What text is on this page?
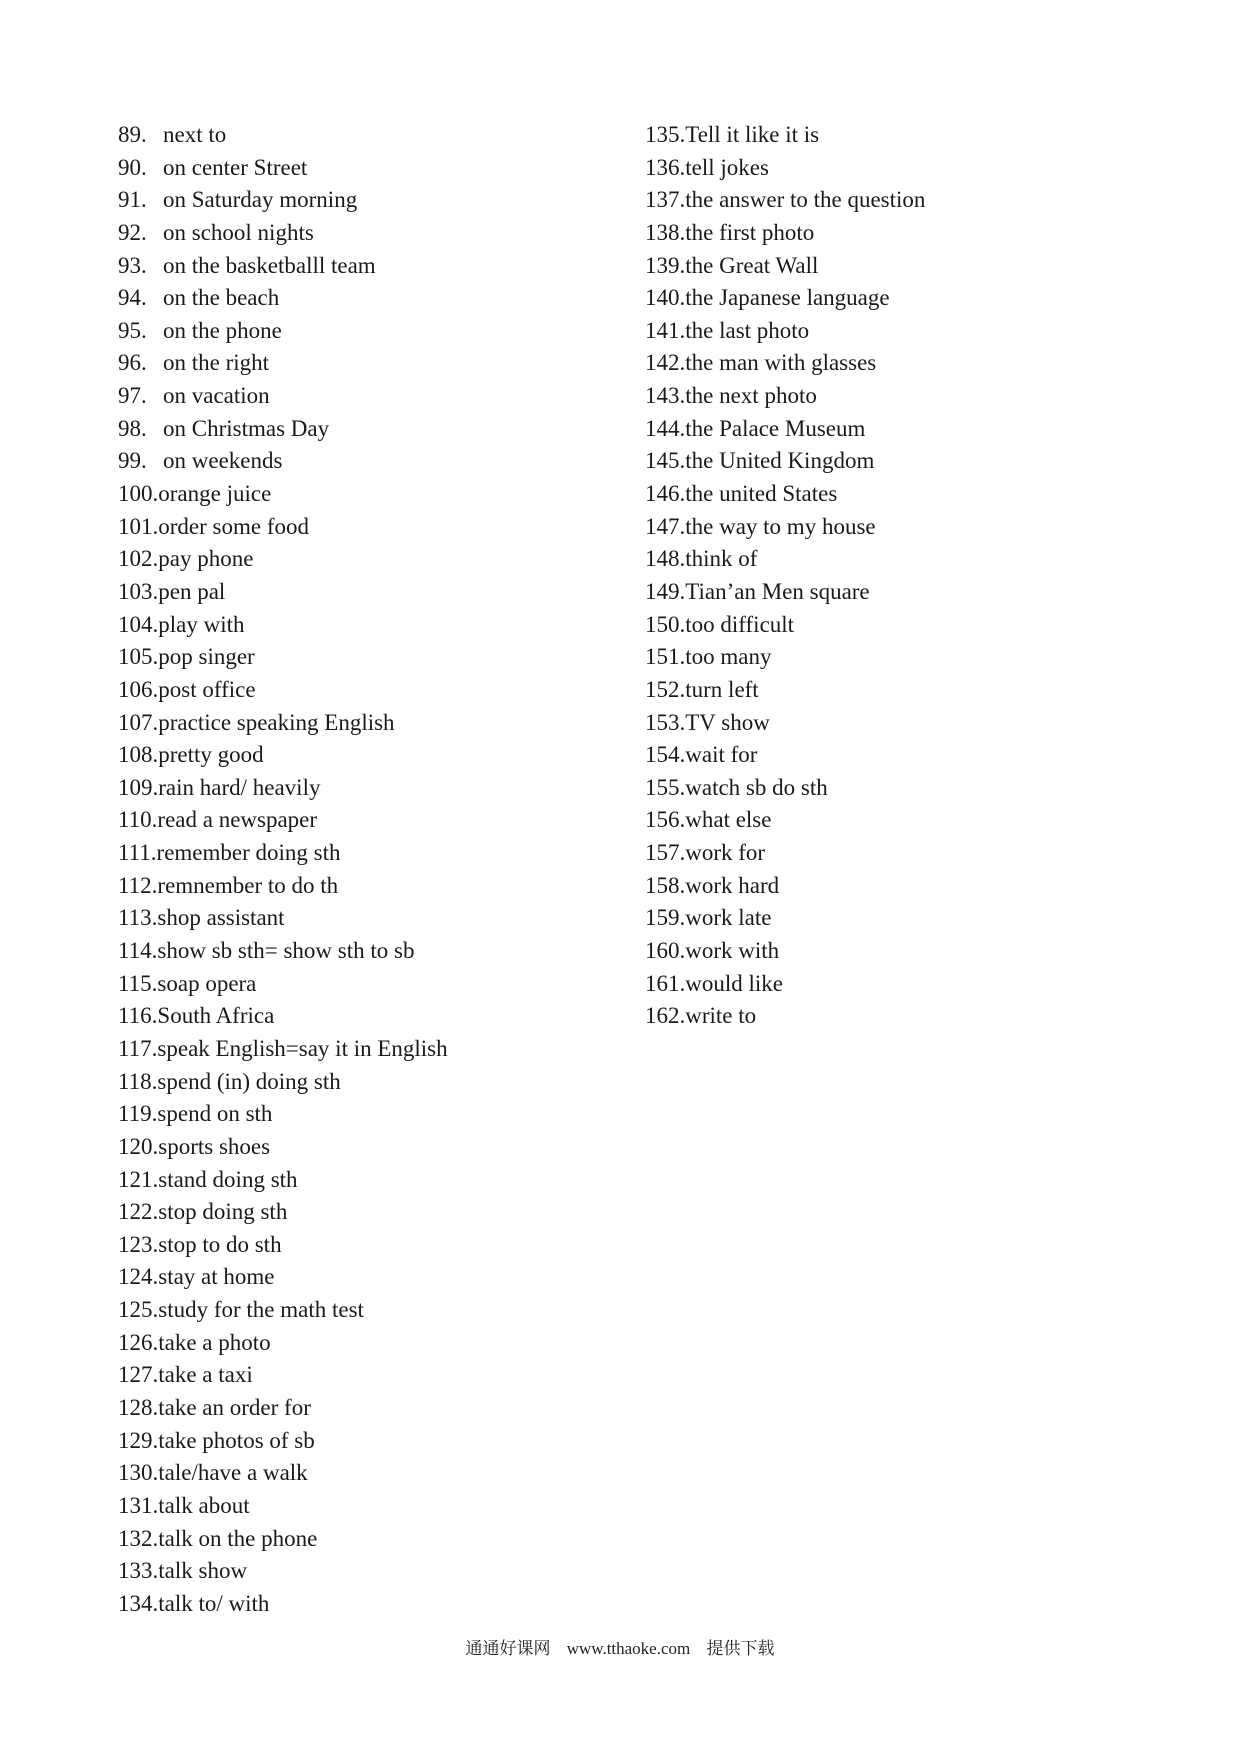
89. next to
90. on center Street
91. on Saturday morning
92. on school nights
93. on the basketballl team
94. on the beach
95. on the phone
96. on the right
97. on vacation
98. on Christmas Day
99. on weekends
100.orange juice
101.order some food
102.pay phone
103.pen pal
104.play with
105.pop singer
106.post office
107.practice speaking English
108.pretty good
109.rain hard/ heavily
110.read a newspaper
111.remember doing sth
112.remnember to do th
113.shop assistant
114.show sb sth= show sth to sb
115.soap opera
116.South Africa
117.speak English=say it in English
118.spend (in) doing sth
119.spend on sth
120.sports shoes
121.stand doing sth
122.stop doing sth
123.stop to do sth
124.stay at home
125.study for the math test
126.take a photo
127.take a taxi
128.take an order for
129.take photos of sb
130.tale/have a walk
131.talk about
132.talk on the phone
133.talk show
134.talk to/ with
135.Tell it like it is
136.tell jokes
137.the answer to the question
138.the first photo
139.the Great Wall
140.the Japanese language
141.the last photo
142.the man with glasses
143.the next photo
144.the Palace Museum
145.the United Kingdom
146.the united States
147.the way to my house
148.think of
149.Tian’an Men square
150.too difficult
151.too many
152.turn left
153.TV show
154.wait for
155.watch sb do sth
156.what else
157.work for
158.work hard
159.work late
160.work with
161.would like
162.write to
通通好课网 www.tthaoke.com 提供下载
